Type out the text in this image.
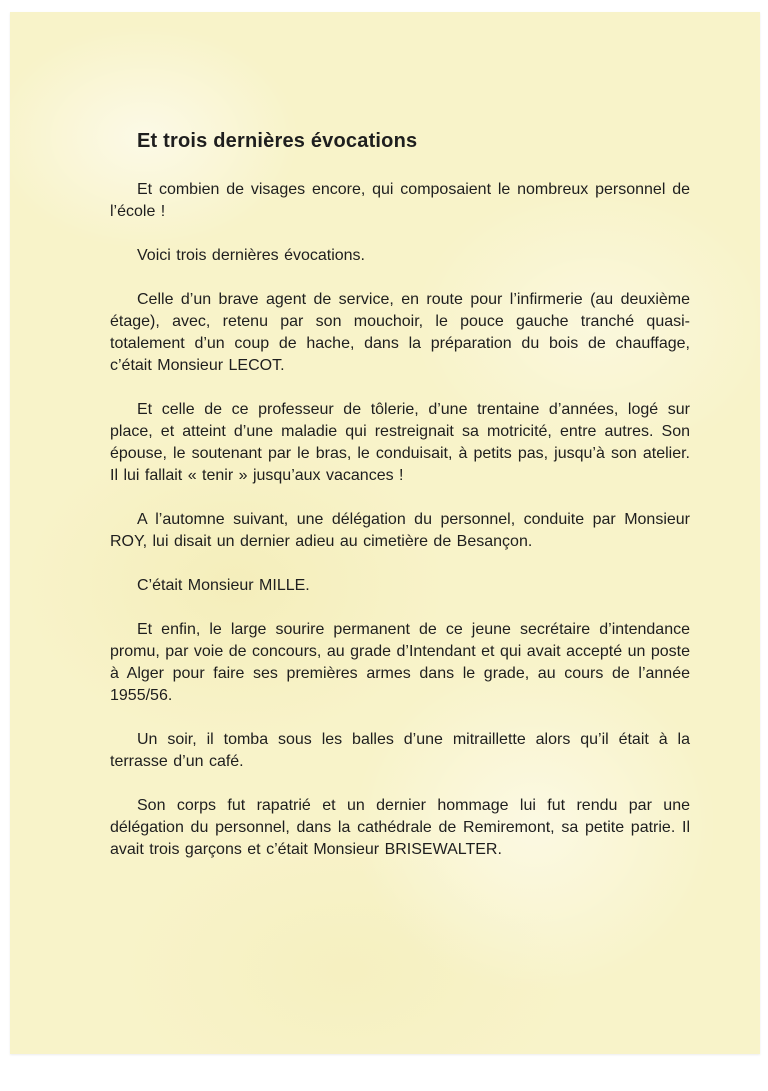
Et trois dernières évocations

Et combien de visages encore, qui composaient le nombreux personnel de l’école !

Voici trois dernières évocations.

Celle d’un brave agent de service, en route pour l’infirmerie (au deuxième étage), avec, retenu par son mouchoir, le pouce gauche tranché quasi-totalement d’un coup de hache, dans la préparation du bois de chauffage, c’était Monsieur LECOT.

Et celle de ce professeur de tôlerie, d’une trentaine d’années, logé sur place, et atteint d’une maladie qui restreignait sa motricité, entre autres. Son épouse, le soutenant par le bras, le conduisait, à petits pas, jusqu’à son atelier. Il lui fallait « tenir » jusqu’aux vacances !

A l’automne suivant, une délégation du personnel, conduite par Monsieur ROY, lui disait un dernier adieu au cimetière de Besançon.

C’était Monsieur MILLE.

Et enfin, le large sourire permanent de ce jeune secrétaire d’intendance promu, par voie de concours, au grade d’Intendant et qui avait accepté un poste à Alger pour faire ses premières armes dans le grade, au cours de l’année 1955/56.

Un soir, il tomba sous les balles d’une mitraillette alors qu’il était à la terrasse d’un café.

Son corps fut rapatrié et un dernier hommage lui fut rendu par une délégation du personnel, dans la cathédrale de Remiremont, sa petite patrie. Il avait trois garçons et c’était Monsieur BRISEWALTER.
